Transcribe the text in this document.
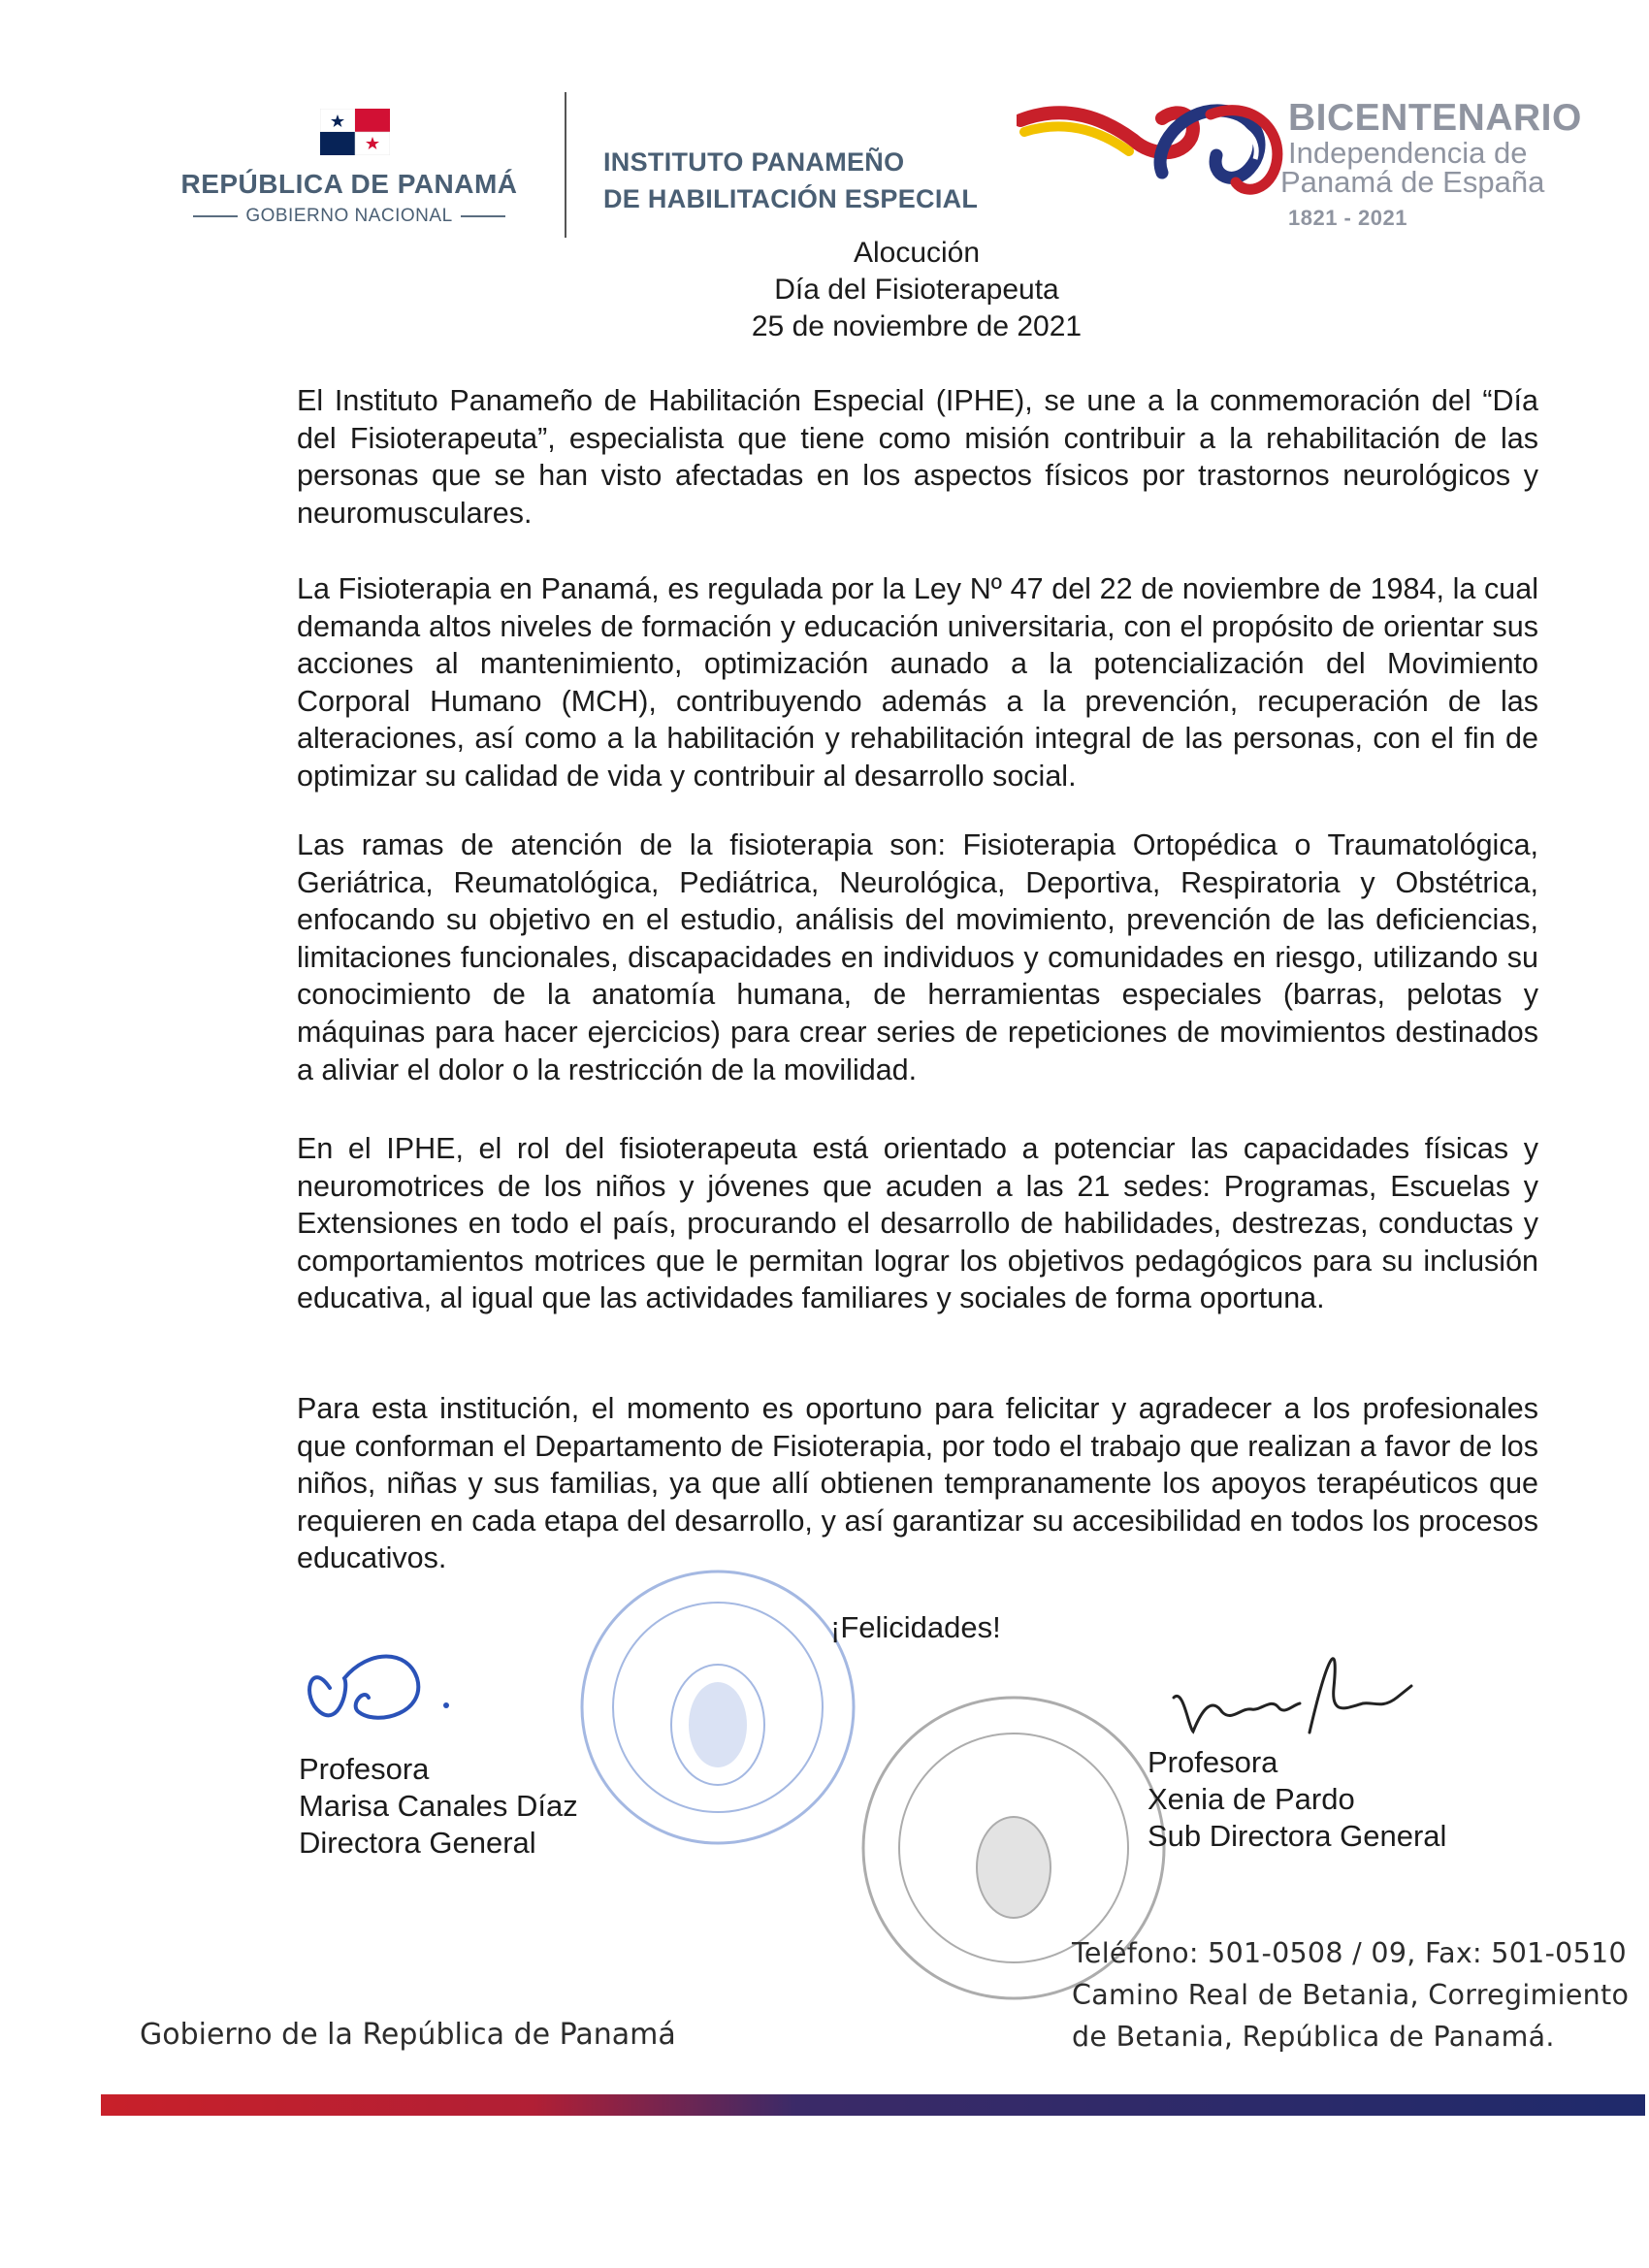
REPÚBLICA DE PANAMÁ
GOBIERNO NACIONAL
INSTITUTO PANAMEÑO
DE HABILITACIÓN ESPECIAL
BICENTENARIO
Independencia de
Panamá de España
1821 - 2021
Alocución
Día del Fisioterapeuta
25 de noviembre de 2021
El Instituto Panameño de Habilitación Especial (IPHE), se une a la conmemoración del “Día del Fisioterapeuta”, especialista que tiene como misión contribuir a la rehabilitación de las personas que se han visto afectadas en los aspectos físicos por trastornos neurológicos y neuromusculares.
La Fisioterapia en Panamá, es regulada por la Ley Nº 47 del 22 de noviembre de 1984, la cual demanda altos niveles de formación y educación universitaria, con el propósito de orientar sus acciones al mantenimiento, optimización aunado a la potencialización del Movimiento Corporal Humano (MCH), contribuyendo además a la prevención, recuperación de las alteraciones, así como a la habilitación y rehabilitación integral de las personas, con el fin de optimizar su calidad de vida y contribuir al desarrollo social.
Las ramas de atención de la fisioterapia son: Fisioterapia Ortopédica o Traumatológica, Geriátrica, Reumatológica, Pediátrica, Neurológica, Deportiva, Respiratoria y Obstétrica, enfocando su objetivo en el estudio, análisis del movimiento, prevención de las deficiencias, limitaciones funcionales, discapacidades en individuos y comunidades en riesgo, utilizando su conocimiento de la anatomía humana, de herramientas especiales (barras, pelotas y máquinas para hacer ejercicios) para crear series de repeticiones de movimientos destinados a aliviar el dolor o la restricción de la movilidad.
En el IPHE, el rol del fisioterapeuta está orientado a potenciar las capacidades físicas y neuromotrices de los niños y jóvenes que acuden a las 21 sedes: Programas, Escuelas y Extensiones en todo el país, procurando el desarrollo de habilidades, destrezas, conductas y comportamientos motrices que le permitan lograr los objetivos pedagógicos para su inclusión educativa, al igual que las actividades familiares y sociales de forma oportuna.
Para esta institución, el momento es oportuno para felicitar y agradecer a los profesionales que conforman el Departamento de Fisioterapia, por todo el trabajo que realizan a favor de los niños, niñas y sus familias, ya que allí obtienen tempranamente los apoyos terapéuticos que requieren en cada etapa del desarrollo, y así garantizar su accesibilidad en todos los procesos educativos.
¡Felicidades!
Profesora
Marisa Canales Díaz
Directora General
Profesora
Xenia de Pardo
Sub Directora General
Teléfono: 501-0508 / 09, Fax: 501-0510
Camino Real de Betania, Corregimiento
de Betania, República de Panamá.
Gobierno de la República de Panamá
